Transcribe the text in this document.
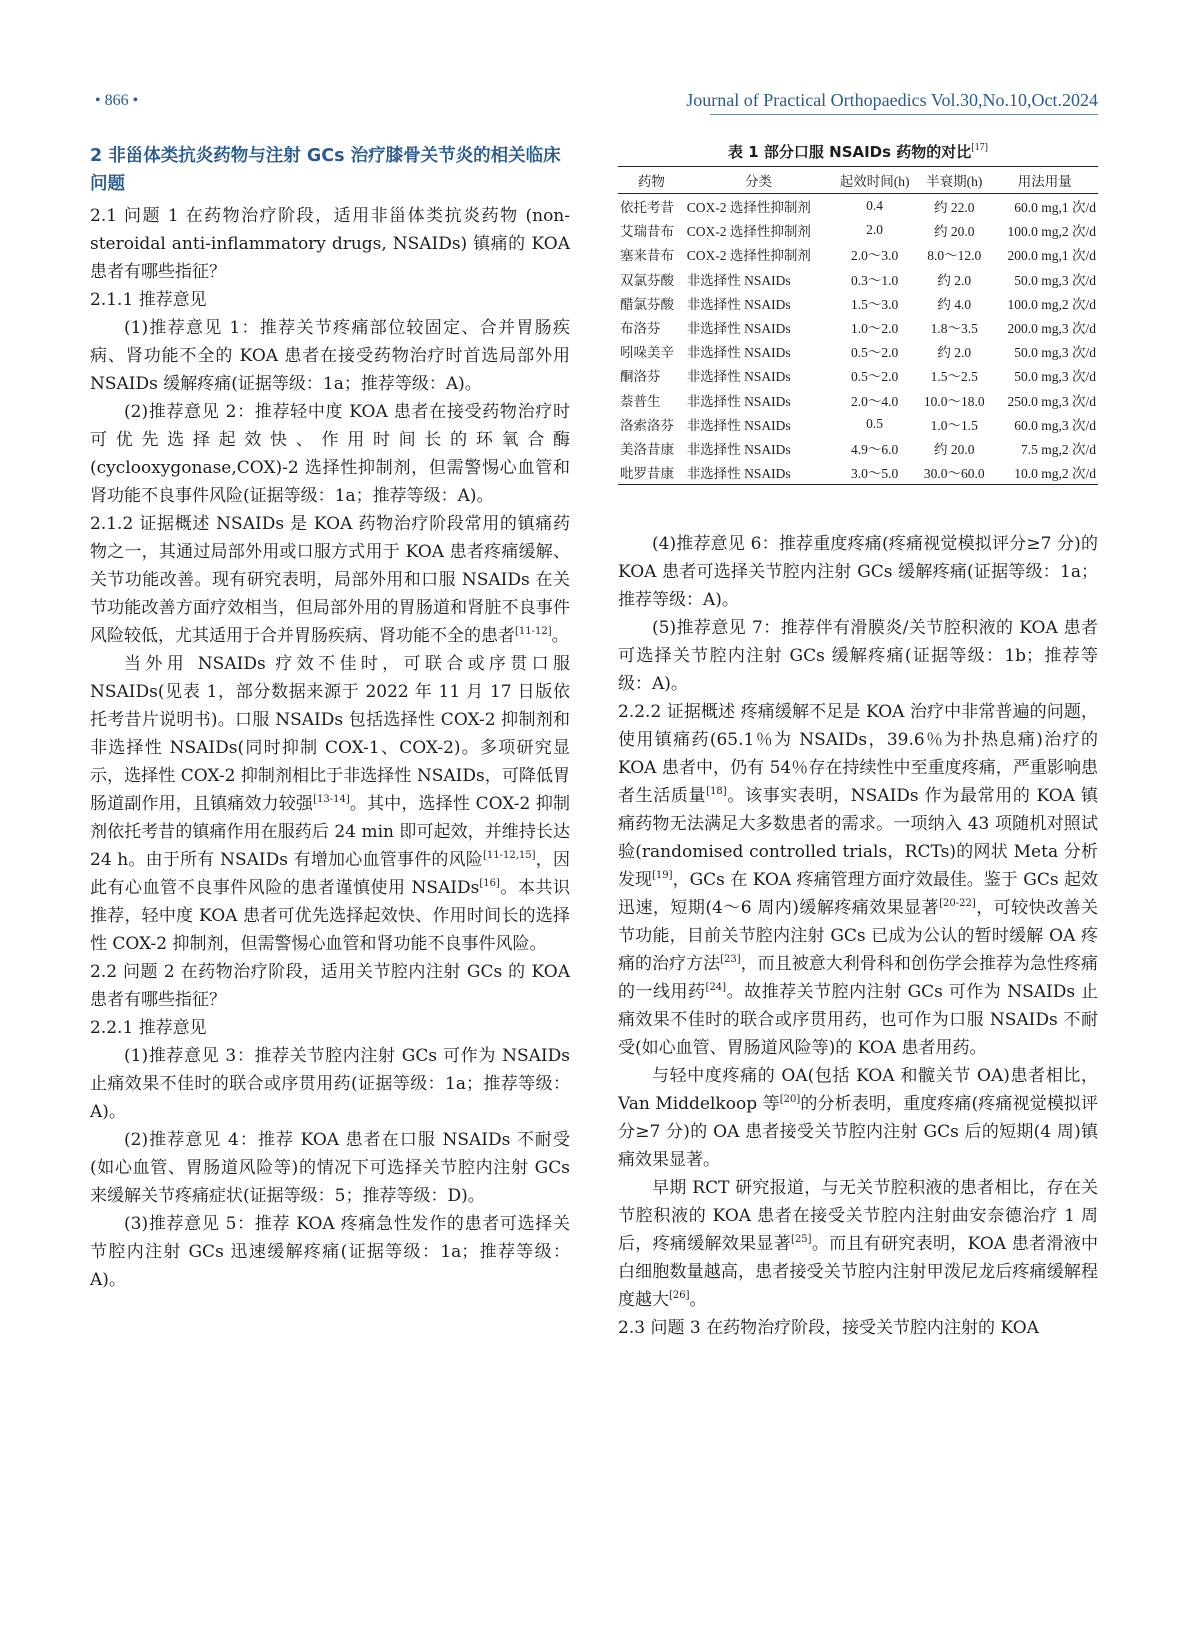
• 866 •	Journal of Practical Orthopaedics Vol.30,No.10,Oct.2024

2 非甾体类抗炎药物与注射 GCs 治疗膝骨关节炎的相关临床问题

2.1 问题 1 在药物治疗阶段，适用非甾体类抗炎药物 (non-steroidal anti-inflammatory drugs, NSAIDs) 镇痛的 KOA 患者有哪些指征？

2.1.1 推荐意见

(1)推荐意见 1：推荐关节疼痛部位较固定、合并胃肠疾病、肾功能不全的 KOA 患者在接受药物治疗时首选局部外用 NSAIDs 缓解疼痛(证据等级：1a；推荐等级：A)。

(2)推荐意见 2：推荐轻中度 KOA 患者在接受药物治疗时可优先选择起效快、作用时间长的环氧合酶 (cyclooxygonase,COX)-2 选择性抑制剂，但需警惕心血管和肾功能不良事件风险(证据等级：1a；推荐等级：A)。

2.1.2 证据概述 NSAIDs 是 KOA 药物治疗阶段常用的镇痛药物之一，其通过局部外用或口服方式用于 KOA 患者疼痛缓解、关节功能改善。现有研究表明，局部外用和口服 NSAIDs 在关节功能改善方面疗效相当，但局部外用的胃肠道和肾脏不良事件风险较低，尤其适用于合并胃肠疾病、肾功能不全的患者[11-12]。

当外用 NSAIDs 疗效不佳时，可联合或序贯口服 NSAIDs(见表 1，部分数据来源于 2022 年 11 月 17 日版依托考昔片说明书)。口服 NSAIDs 包括选择性 COX-2 抑制剂和非选择性 NSAIDs(同时抑制 COX-1、COX-2)。多项研究显示，选择性 COX-2 抑制剂相比于非选择性 NSAIDs，可降低胃肠道副作用，且镇痛效力较强[13-14]。其中，选择性 COX-2 抑制剂依托考昔的镇痛作用在服药后 24 min 即可起效，并维持长达 24 h。由于所有 NSAIDs 有增加心血管事件的风险[11-12,15]，因此有心血管不良事件风险的患者谨慎使用 NSAIDs[16]。本共识推荐，轻中度 KOA 患者可优先选择起效快、作用时间长的选择性 COX-2 抑制剂，但需警惕心血管和肾功能不良事件风险。

2.2 问题 2 在药物治疗阶段，适用关节腔内注射 GCs 的 KOA 患者有哪些指征？

2.2.1 推荐意见

(1)推荐意见 3：推荐关节腔内注射 GCs 可作为 NSAIDs 止痛效果不佳时的联合或序贯用药(证据等级：1a；推荐等级：A)。

(2)推荐意见 4：推荐 KOA 患者在口服 NSAIDs 不耐受(如心血管、胃肠道风险等)的情况下可选择关节腔内注射 GCs 来缓解关节疼痛症状(证据等级：5；推荐等级：D)。

(3)推荐意见 5：推荐 KOA 疼痛急性发作的患者可选择关节腔内注射 GCs 迅速缓解疼痛(证据等级：1a；推荐等级：A)。

表 1 部分口服 NSAIDs 药物的对比[17]
药物	分类	起效时间(h)	半衰期(h)	用法用量
依托考昔	COX-2 选择性抑制剂	0.4	约 22.0	60.0 mg,1 次/d
艾瑞昔布	COX-2 选择性抑制剂	2.0	约 20.0	100.0 mg,2 次/d
塞来昔布	COX-2 选择性抑制剂	2.0～3.0	8.0～12.0	200.0 mg,1 次/d
双氯芬酸	非选择性 NSAIDs	0.3～1.0	约 2.0	50.0 mg,3 次/d
醋氯芬酸	非选择性 NSAIDs	1.5～3.0	约 4.0	100.0 mg,2 次/d
布洛芬	非选择性 NSAIDs	1.0～2.0	1.8～3.5	200.0 mg,3 次/d
吲哚美辛	非选择性 NSAIDs	0.5～2.0	约 2.0	50.0 mg,3 次/d
酮洛芬	非选择性 NSAIDs	0.5～2.0	1.5～2.5	50.0 mg,3 次/d
萘普生	非选择性 NSAIDs	2.0～4.0	10.0～18.0	250.0 mg,3 次/d
洛索洛芬	非选择性 NSAIDs	0.5	1.0～1.5	60.0 mg,3 次/d
美洛昔康	非选择性 NSAIDs	4.9～6.0	约 20.0	7.5 mg,2 次/d
吡罗昔康	非选择性 NSAIDs	3.0～5.0	30.0～60.0	10.0 mg,2 次/d

(4)推荐意见 6：推荐重度疼痛(疼痛视觉模拟评分≥7 分)的 KOA 患者可选择关节腔内注射 GCs 缓解疼痛(证据等级：1a；推荐等级：A)。

(5)推荐意见 7：推荐伴有滑膜炎/关节腔积液的 KOA 患者可选择关节腔内注射 GCs 缓解疼痛(证据等级：1b；推荐等级：A)。

2.2.2 证据概述 疼痛缓解不足是 KOA 治疗中非常普遍的问题，使用镇痛药(65.1％为 NSAIDs，39.6％为扑热息痛)治疗的 KOA 患者中，仍有 54％存在持续性中至重度疼痛，严重影响患者生活质量[18]。该事实表明，NSAIDs 作为最常用的 KOA 镇痛药物无法满足大多数患者的需求。一项纳入 43 项随机对照试验(randomised controlled trials，RCTs)的网状 Meta 分析发现[19]，GCs 在 KOA 疼痛管理方面疗效最佳。鉴于 GCs 起效迅速，短期(4～6 周内)缓解疼痛效果显著[20-22]，可较快改善关节功能，目前关节腔内注射 GCs 已成为公认的暂时缓解 OA 疼痛的治疗方法[23]，而且被意大利骨科和创伤学会推荐为急性疼痛的一线用药[24]。故推荐关节腔内注射 GCs 可作为 NSAIDs 止痛效果不佳时的联合或序贯用药，也可作为口服 NSAIDs 不耐受(如心血管、胃肠道风险等)的 KOA 患者用药。

与轻中度疼痛的 OA(包括 KOA 和髋关节 OA)患者相比，Van Middelkoop 等[20]的分析表明，重度疼痛(疼痛视觉模拟评分≥7 分)的 OA 患者接受关节腔内注射 GCs 后的短期(4 周)镇痛效果显著。

早期 RCT 研究报道，与无关节腔积液的患者相比，存在关节腔积液的 KOA 患者在接受关节腔内注射曲安奈德治疗 1 周后，疼痛缓解效果显著[25]。而且有研究表明，KOA 患者滑液中白细胞数量越高，患者接受关节腔内注射甲泼尼龙后疼痛缓解程度越大[26]。

2.3 问题 3 在药物治疗阶段，接受关节腔内注射的 KOA
